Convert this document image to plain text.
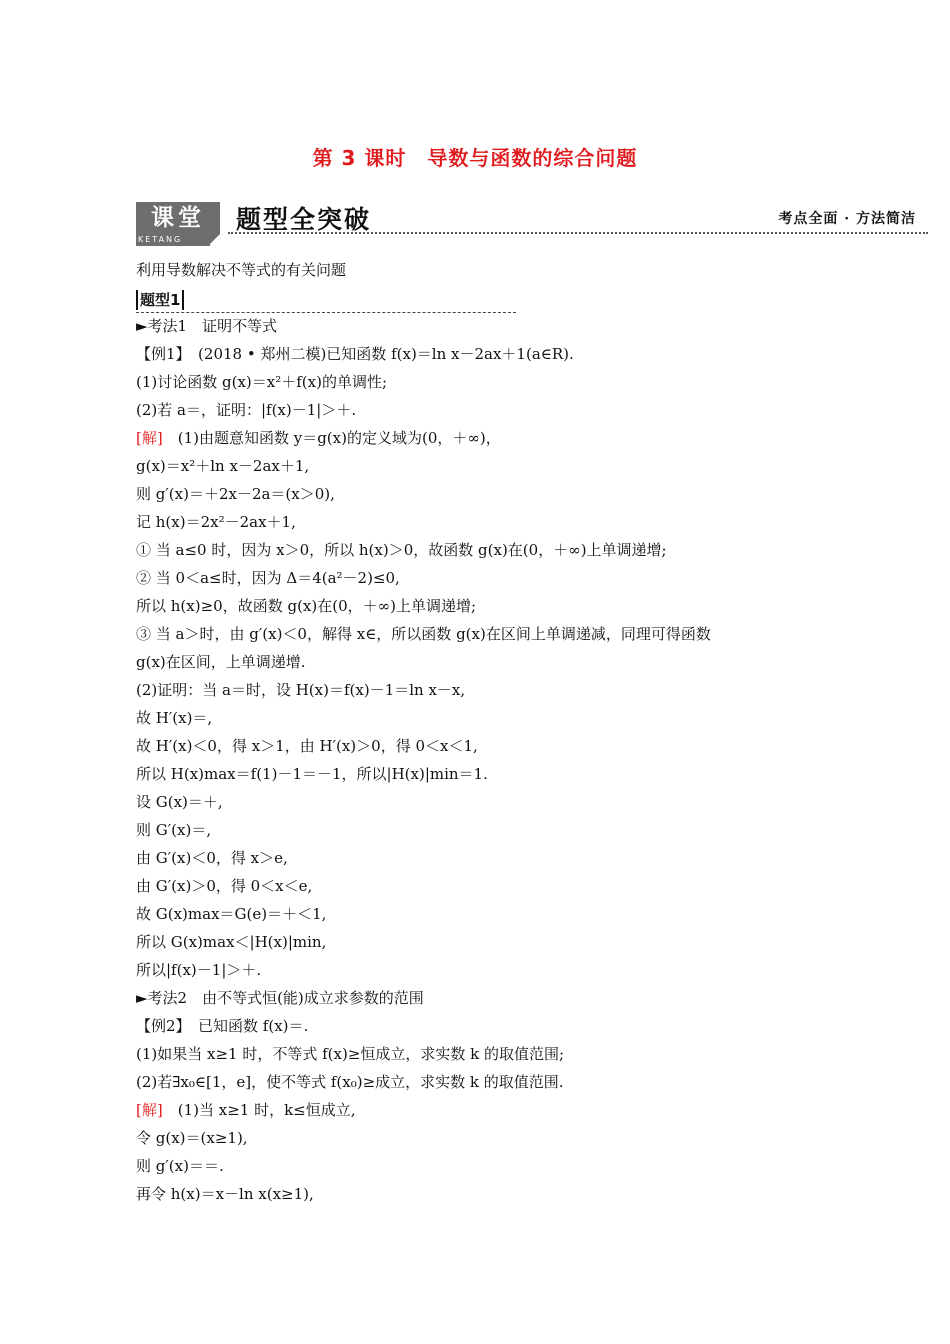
第 3 课时　导数与函数的综合问题
课堂
KETANG
题型全突破	考点全面 · 方法简洁
利用导数解决不等式的有关问题
题型1
►考法1　证明不等式
【例1】　(2018 • 郑州二模)已知函数 f(x)＝ln x－2ax＋1(a∈R).
(1)讨论函数 g(x)＝x²＋f(x)的单调性;
(2)若 a＝，证明：|f(x)－1|＞＋.
[解]　(1)由题意知函数 y＝g(x)的定义域为(0，＋∞)，
g(x)＝x²＋ln x－2ax＋1,
则 g′(x)＝＋2x－2a＝(x＞0),
记 h(x)＝2x²－2ax＋1,
① 当 a≤0 时，因为 x＞0，所以 h(x)＞0，故函数 g(x)在(0，＋∞)上单调递增;
② 当 0＜a≤时，因为 Δ＝4(a²－2)≤0,
所以 h(x)≥0，故函数 g(x)在(0，＋∞)上单调递增;
③ 当 a＞时，由 g′(x)＜0，解得 x∈，所以函数 g(x)在区间上单调递减，同理可得函数
g(x)在区间，上单调递增.
(2)证明：当 a＝时，设 H(x)＝f(x)－1＝ln x－x,
故 H′(x)＝,
故 H′(x)＜0，得 x＞1，由 H′(x)＞0，得 0＜x＜1,
所以 H(x)max＝f(1)－1＝－1，所以|H(x)|min＝1.
设 G(x)＝＋,
则 G′(x)＝,
由 G′(x)＜0，得 x＞e,
由 G′(x)＞0，得 0＜x＜e,
故 G(x)max＝G(e)＝＋＜1,
所以 G(x)max＜|H(x)|min,
所以|f(x)－1|＞＋.
►考法2　由不等式恒(能)成立求参数的范围
【例2】　已知函数 f(x)＝.
(1)如果当 x≥1 时，不等式 f(x)≥恒成立，求实数 k 的取值范围;
(2)若∃x₀∈[1，e]，使不等式 f(x₀)≥成立，求实数 k 的取值范围.
[解]　(1)当 x≥1 时，k≤恒成立,
令 g(x)＝(x≥1),
则 g′(x)＝＝.
再令 h(x)＝x－ln x(x≥1),
